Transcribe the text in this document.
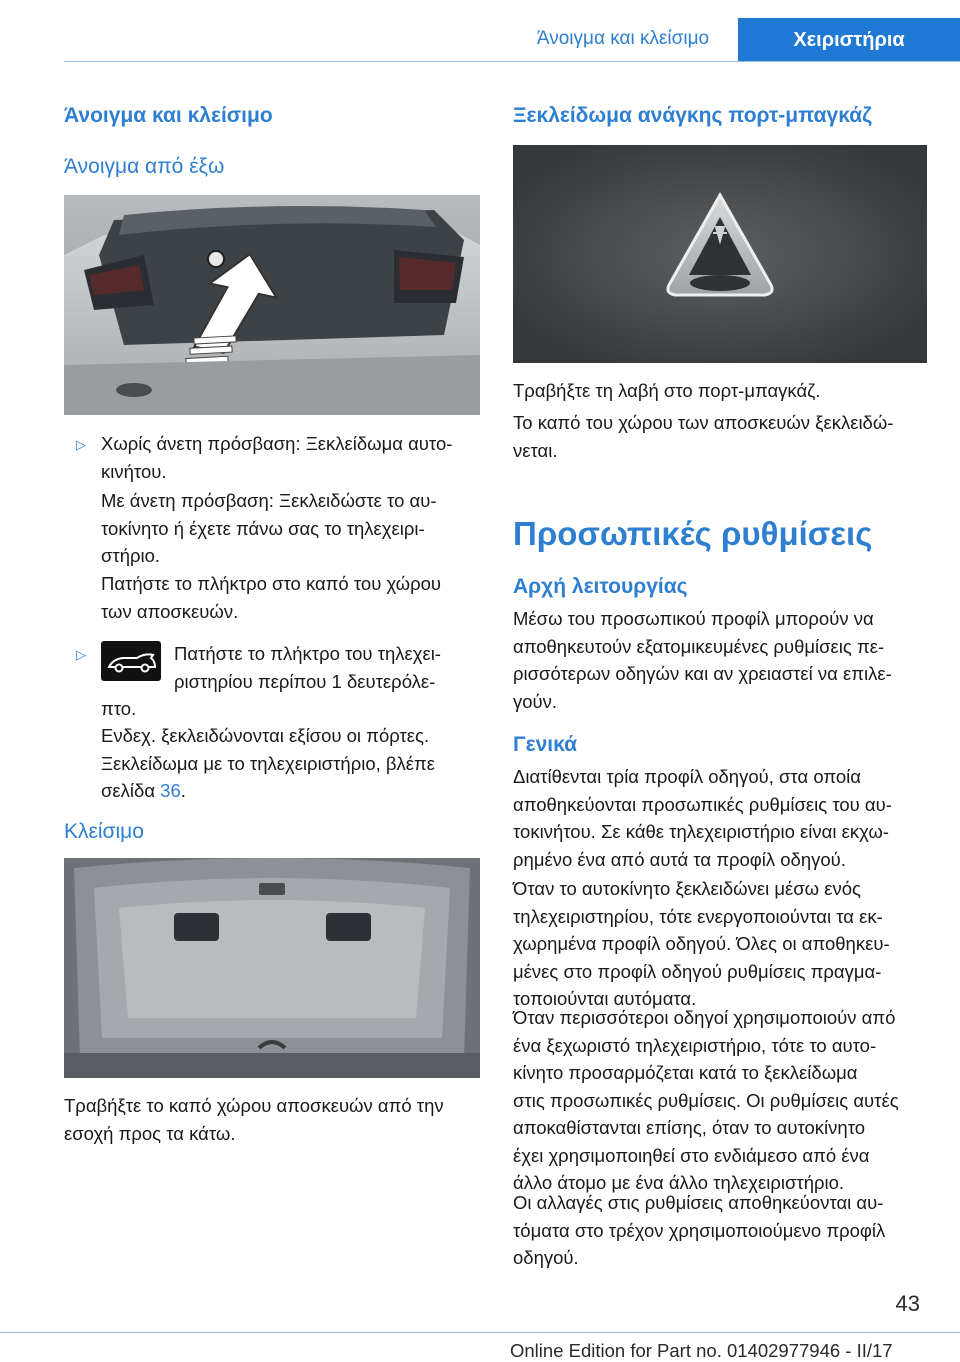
Άνοιγμα και κλείσιμο	Χειριστήρια
Άνοιγμα και κλείσιμο
Άνοιγμα από έξω
▷ Χωρίς άνετη πρόσβαση: Ξεκλείδωμα αυτο‐
κινήτου.
Με άνετη πρόσβαση: Ξεκλειδώστε το αυ‐
τοκίνητο ή έχετε πάνω σας το τηλεχειρι‐
στήριο.
Πατήστε το πλήκτρο στο καπό του χώρου
των αποσκευών.
▷	Πατήστε το πλήκτρο του τηλεχει‐
ριστηρίου περίπου 1 δευτερόλε‐
πτο.
Ενδεχ. ξεκλειδώνονται εξίσου οι πόρτες.
Ξεκλείδωμα με το τηλεχειριστήριο, βλέπε
σελίδα 36.
Κλείσιμο
Τραβήξτε το καπό χώρου αποσκευών από την
εσοχή προς τα κάτω.
Ξεκλείδωμα ανάγκης πορτ-μπαγκάζ
Τραβήξτε τη λαβή στο πορτ-μπαγκάζ.
Το καπό του χώρου των αποσκευών ξεκλειδώ‐
νεται.
Προσωπικές ρυθμίσεις
Αρχή λειτουργίας
Μέσω του προσωπικού προφίλ μπορούν να
αποθηκευτούν εξατομικευμένες ρυθμίσεις πε‐
ρισσότερων οδηγών και αν χρειαστεί να επιλε‐
γούν.
Γενικά
Διατίθενται τρία προφίλ οδηγού, στα οποία
αποθηκεύονται προσωπικές ρυθμίσεις του αυ‐
τοκινήτου. Σε κάθε τηλεχειριστήριο είναι εκχω‐
ρημένο ένα από αυτά τα προφίλ οδηγού.
Όταν το αυτοκίνητο ξεκλειδώνει μέσω ενός
τηλεχειριστηρίου, τότε ενεργοποιούνται τα εκ‐
χωρημένα προφίλ οδηγού. Όλες οι αποθηκευ‐
μένες στο προφίλ οδηγού ρυθμίσεις πραγμα‐
τοποιούνται αυτόματα.
Όταν περισσότεροι οδηγοί χρησιμοποιούν από
ένα ξεχωριστό τηλεχειριστήριο, τότε το αυτο‐
κίνητο προσαρμόζεται κατά το ξεκλείδωμα
στις προσωπικές ρυθμίσεις. Οι ρυθμίσεις αυτές
αποκαθίστανται επίσης, όταν το αυτοκίνητο
έχει χρησιμοποιηθεί στο ενδιάμεσο από ένα
άλλο άτομο με ένα άλλο τηλεχειριστήριο.
Οι αλλαγές στις ρυθμίσεις αποθηκεύονται αυ‐
τόματα στο τρέχον χρησιμοποιούμενο προφίλ
οδηγού.
43
Online Edition for Part no. 01402977946 - II/17
